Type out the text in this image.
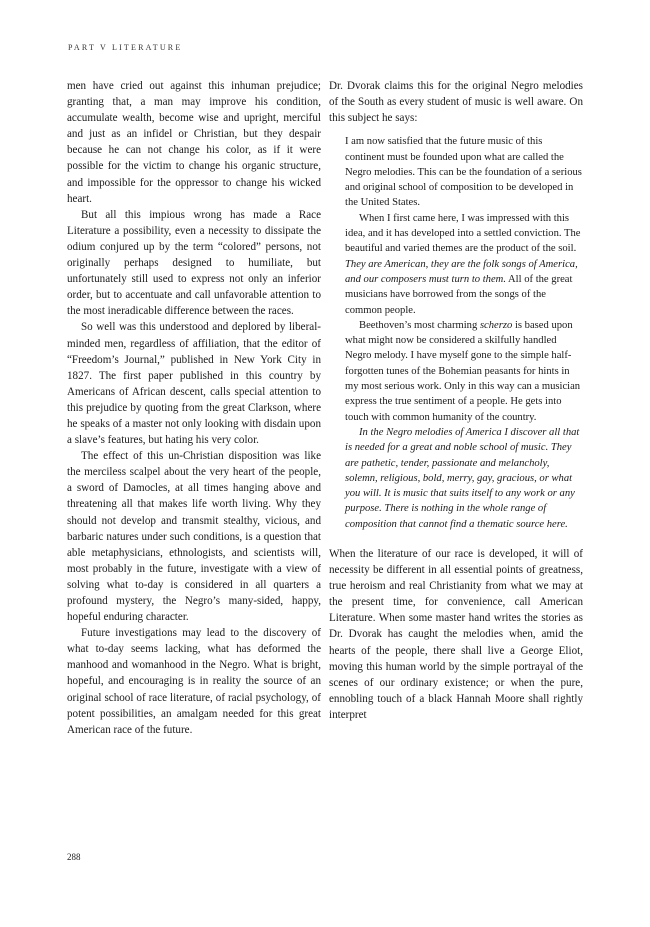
PART V LITERATURE

men have cried out against this inhuman prejudice; granting that, a man may improve his condition, accumulate wealth, become wise and upright, merciful and just as an infidel or Christian, but they despair because he can not change his color, as if it were possible for the victim to change his organic structure, and impossible for the oppressor to change his wicked heart.

But all this impious wrong has made a Race Literature a possibility, even a necessity to dissipate the odium conjured up by the term “colored” persons, not originally perhaps designed to humiliate, but unfortunately still used to express not only an inferior order, but to accentuate and call unfavorable attention to the most ineradicable difference between the races.

So well was this understood and deplored by liberal-minded men, regardless of affiliation, that the editor of “Freedom’s Journal,” published in New York City in 1827. The first paper published in this country by Americans of African descent, calls special attention to this prejudice by quoting from the great Clarkson, where he speaks of a master not only looking with disdain upon a slave’s features, but hating his very color.

The effect of this un-Christian disposition was like the merciless scalpel about the very heart of the people, a sword of Damocles, at all times hanging above and threatening all that makes life worth living. Why they should not develop and transmit stealthy, vicious, and barbaric natures under such conditions, is a question that able metaphysicians, ethnologists, and scientists will, most probably in the future, investigate with a view of solving what to-day is considered in all quarters a profound mystery, the Negro’s many-sided, happy, hopeful enduring character.

Future investigations may lead to the discovery of what to-day seems lacking, what has deformed the manhood and womanhood in the Negro. What is bright, hopeful, and encouraging is in reality the source of an original school of race literature, of racial psychology, of potent possibilities, an amalgam needed for this great American race of the future.

Dr. Dvorak claims this for the original Negro melodies of the South as every student of music is well aware. On this subject he says:

I am now satisfied that the future music of this continent must be founded upon what are called the Negro melodies. This can be the foundation of a serious and original school of composition to be developed in the United States.

When I first came here, I was impressed with this idea, and it has developed into a settled conviction. The beautiful and varied themes are the product of the soil. They are American, they are the folk songs of America, and our composers must turn to them. All of the great musicians have borrowed from the songs of the common people.

Beethoven’s most charming scherzo is based upon what might now be considered a skilfully handled Negro melody. I have myself gone to the simple half-forgotten tunes of the Bohemian peasants for hints in my most serious work. Only in this way can a musician express the true sentiment of a people. He gets into touch with common humanity of the country.

In the Negro melodies of America I discover all that is needed for a great and noble school of music. They are pathetic, tender, passionate and melancholy, solemn, religious, bold, merry, gay, gracious, or what you will. It is music that suits itself to any work or any purpose. There is nothing in the whole range of composition that cannot find a thematic source here.

When the literature of our race is developed, it will of necessity be different in all essential points of greatness, true heroism and real Christianity from what we may at the present time, for convenience, call American Literature. When some master hand writes the stories as Dr. Dvorak has caught the melodies when, amid the hearts of the people, there shall live a George Eliot, moving this human world by the simple portrayal of the scenes of our ordinary existence; or when the pure, ennobling touch of a black Hannah Moore shall rightly interpret

288
